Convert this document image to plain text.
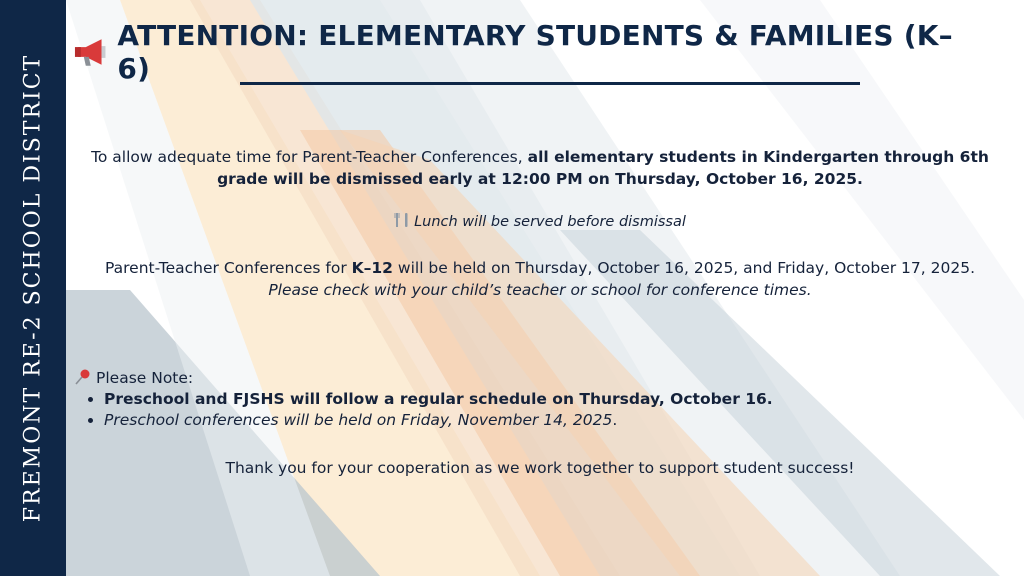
FREMONT RE-2 SCHOOL DISTRICT
ATTENTION: ELEMENTARY STUDENTS & FAMILIES (K–6)
To allow adequate time for Parent-Teacher Conferences, all elementary students in Kindergarten through 6th grade will be dismissed early at 12:00 PM on Thursday, October 16, 2025.
Lunch will be served before dismissal
Parent-Teacher Conferences for K–12 will be held on Thursday, October 16, 2025, and Friday, October 17, 2025. Please check with your child’s teacher or school for conference times.
Please Note:
• Preschool and FJSHS will follow a regular schedule on Thursday, October 16.
• Preschool conferences will be held on Friday, November 14, 2025.
Thank you for your cooperation as we work together to support student success!
